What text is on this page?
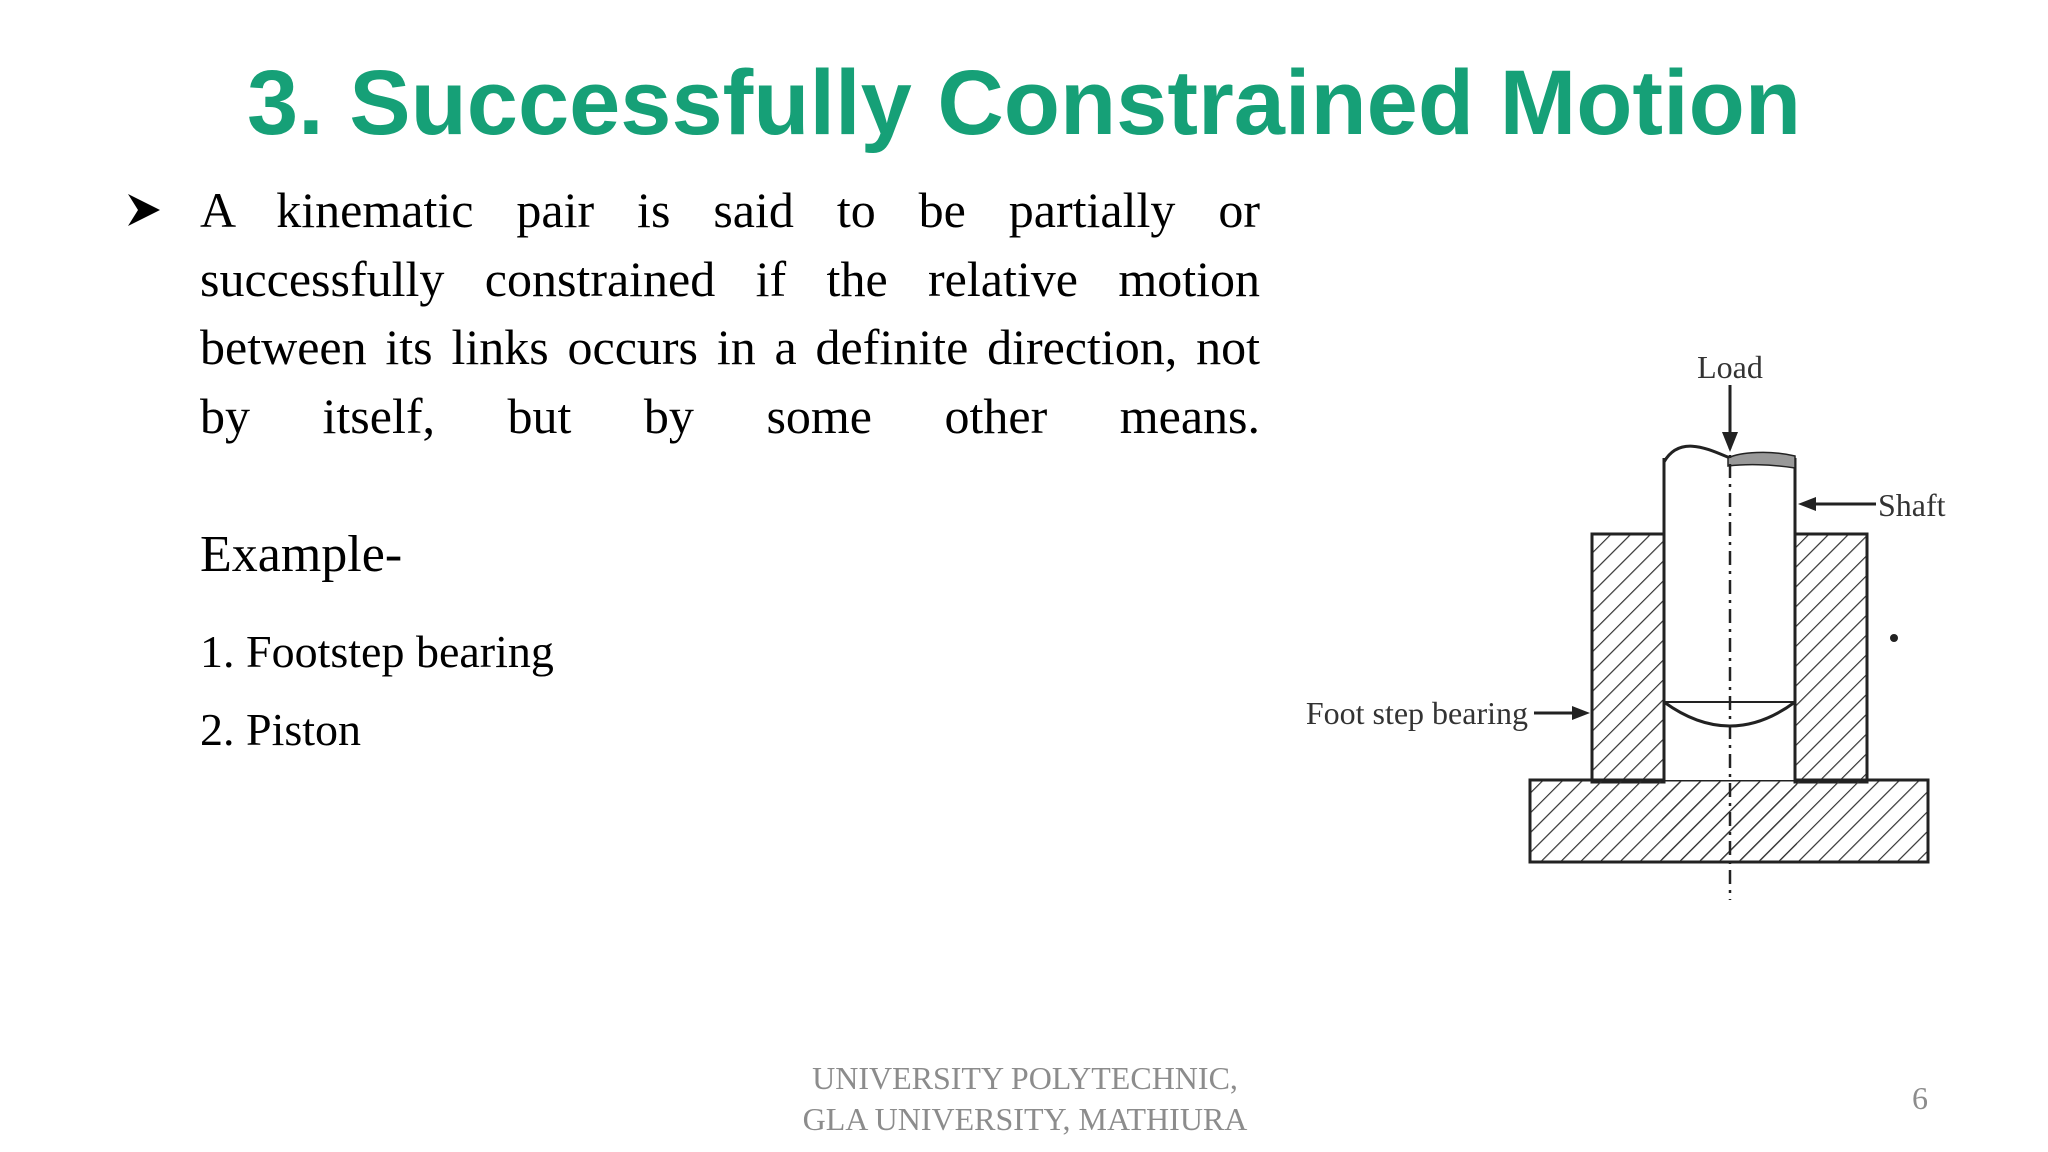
3. Successfully Constrained Motion

A kinematic pair is said to be partially or successfully constrained if the relative motion between its links occurs in a definite direction, not by itself, but by some other means.

Example-

1. Footstep bearing

2. Piston

Load
Shaft
Foot step bearing
UNIVERSITY POLYTECHNIC,
GLA UNIVERSITY, MATHIURA
6
